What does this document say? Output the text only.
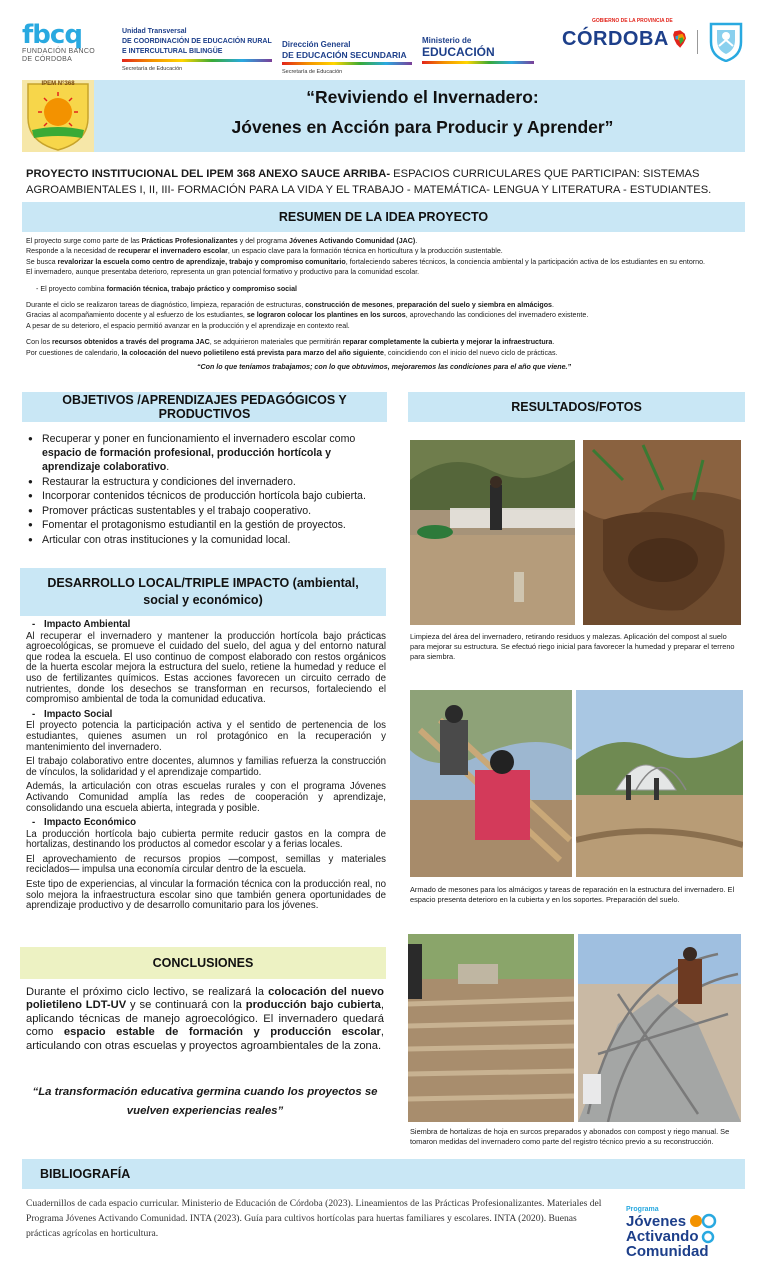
fbcq
FUNDACIÓN BANCO
DE CÓRDOBA
Unidad Transversal
DE COORDINACIÓN DE EDUCACIÓN RURAL
E INTERCULTURAL BILINGÜE
Secretaría de Educación
Dirección General
DE EDUCACIÓN SECUNDARIA
Secretaría de Educación
Ministerio de
EDUCACIÓN
GOBIERNO DE LA PROVINCIA DE
CÓRDOBA
IPEM N°368
“Reviviendo el Invernadero:
Jóvenes en Acción para Producir y Aprender”
PROYECTO INSTITUCIONAL DEL IPEM 368 ANEXO SAUCE ARRIBA- ESPACIOS CURRICULARES QUE PARTICIPAN: SISTEMAS AGROAMBIENTALES I, II, III- FORMACIÓN PARA LA VIDA Y EL TRABAJO - MATEMÁTICA- LENGUA Y LITERATURA - ESTUDIANTES.
RESUMEN DE LA IDEA PROYECTO

El proyecto surge como parte de las Prácticas Profesionalizantes y del programa Jóvenes Activando Comunidad (JAC).

Responde a la necesidad de recuperar el invernadero escolar, un espacio clave para la formación técnica en horticultura y la producción sustentable.

Se busca revalorizar la escuela como centro de aprendizaje, trabajo y compromiso comunitario, fortaleciendo saberes técnicos, la conciencia ambiental y la participación activa de los estudiantes en su entorno.

El invernadero, aunque presentaba deterioro, representa un gran potencial formativo y productivo para la comunidad escolar.

- El proyecto combina formación técnica, trabajo práctico y compromiso social

Durante el ciclo se realizaron tareas de diagnóstico, limpieza, reparación de estructuras, construcción de mesones, preparación del suelo y siembra en almácigos.

Gracias al acompañamiento docente y al esfuerzo de los estudiantes, se lograron colocar los plantines en los surcos, aprovechando las condiciones del invernadero existente.

A pesar de su deterioro, el espacio permitió avanzar en la producción y el aprendizaje en contexto real.

Con los recursos obtenidos a través del programa JAC, se adquirieron materiales que permitirán reparar completamente la cubierta y mejorar la infraestructura.

Por cuestiones de calendario, la colocación del nuevo polietileno está prevista para marzo del año siguiente, coincidiendo con el inicio del nuevo ciclo de prácticas.

“Con lo que teníamos trabajamos; con lo que obtuvimos, mejoraremos las condiciones para el año que viene.”

OBJETIVOS /APRENDIZAJES PEDAGÓGICOS Y PRODUCTIVOS
● Recuperar y poner en funcionamiento el invernadero escolar como espacio de formación profesional, producción hortícola y aprendizaje colaborativo.
● Restaurar la estructura y condiciones del invernadero.
● Incorporar contenidos técnicos de producción hortícola bajo cubierta.
● Promover prácticas sustentables y el trabajo cooperativo.
● Fomentar el protagonismo estudiantil en la gestión de proyectos.
● Articular con otras instituciones y la comunidad local.
RESULTADOS/FOTOS
Limpieza del área del invernadero, retirando residuos y malezas. Aplicación del compost al suelo para mejorar su estructura. Se efectuó riego inicial para favorecer la humedad y preparar el terreno para siembra.
Armado de mesones para los almácigos y tareas de reparación en la estructura del invernadero. El espacio presenta deterioro en la cubierta y en los soportes. Preparación del suelo.
Siembra de hortalizas de hoja en surcos preparados y abonados con compost y riego manual. Se tomaron medidas del invernadero como parte del registro técnico previo a su reconstrucción.
DESARROLLO LOCAL/TRIPLE IMPACTO (ambiental, social y económico)
- Impacto Ambiental

Al recuperar el invernadero y mantener la producción hortícola bajo prácticas agroecológicas, se promueve el cuidado del suelo, del agua y del entorno natural que rodea la escuela. El uso continuo de compost elaborado con restos orgánicos de la huerta escolar mejora la estructura del suelo, retiene la humedad y reduce el uso de fertilizantes químicos. Estas acciones favorecen un circuito cerrado de nutrientes, donde los desechos se transforman en recursos, fortaleciendo el compromiso ambiental de toda la comunidad educativa.

- Impacto Social

El proyecto potencia la participación activa y el sentido de pertenencia de los estudiantes, quienes asumen un rol protagónico en la recuperación y mantenimiento del invernadero.

El trabajo colaborativo entre docentes, alumnos y familias refuerza la construcción de vínculos, la solidaridad y el aprendizaje compartido.

Además, la articulación con otras escuelas rurales y con el programa Jóvenes Activando Comunidad amplía las redes de cooperación y aprendizaje, consolidando una escuela abierta, integrada y posible.

- Impacto Económico

La producción hortícola bajo cubierta permite reducir gastos en la compra de hortalizas, destinando los productos al comedor escolar y a ferias locales.

El aprovechamiento de recursos propios —compost, semillas y materiales reciclados— impulsa una economía circular dentro de la escuela.

Este tipo de experiencias, al vincular la formación técnica con la producción real, no solo mejora la infraestructura escolar sino que también genera oportunidades de aprendizaje productivo y de desarrollo comunitario para los jóvenes.

CONCLUSIONES
Durante el próximo ciclo lectivo, se realizará la colocación del nuevo polietileno LDT-UV y se continuará con la producción bajo cubierta, aplicando técnicas de manejo agroecológico. El invernadero quedará como espacio estable de formación y producción escolar, articulando con otras escuelas y proyectos agroambientales de la zona.
“La transformación educativa germina cuando los proyectos se vuelven experiencias reales”
BIBLIOGRAFÍA
Cuadernillos de cada espacio curricular. Ministerio de Educación de Córdoba (2023). Lineamientos de las Prácticas Profesionalizantes. Materiales del Programa Jóvenes Activando Comunidad. INTA (2023). Guía para cultivos hortícolas para huertas familiares y escolares. INTA (2020). Buenas prácticas agrícolas en horticultura.
Programa
Jóvenes
Activando
Comunidad
